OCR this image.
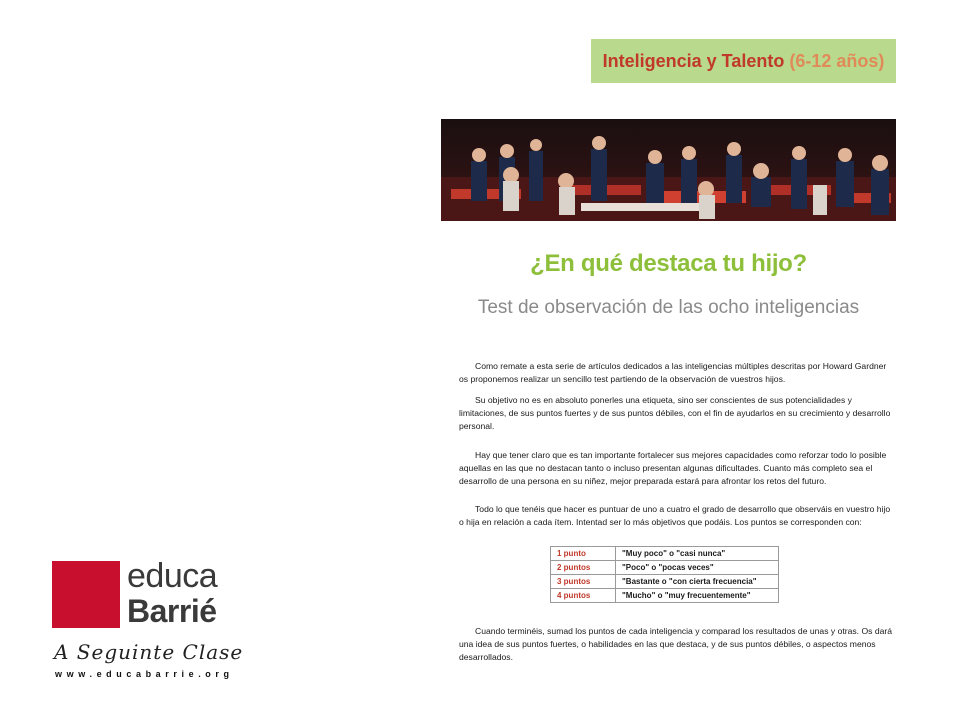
educa
Barrié
A Seguinte Clase
www.educabarrie.org
Inteligencia y Talento (6-12 años)
¿En qué destaca tu hijo?
Test de observación de las ocho inteligencias

Como remate a esta serie de artículos dedicados a las inteligencias múltiples descritas por Howard Gardner os proponemos realizar un sencillo test partiendo de la observación de vuestros hijos.

Su objetivo no es en absoluto ponerles una etiqueta, sino ser conscientes de sus potencialidades y limitaciones, de sus puntos fuertes y de sus puntos débiles, con el fin de ayudarlos en su crecimiento y desarrollo personal.

Hay que tener claro que es tan importante fortalecer sus mejores capacidades como reforzar todo lo posible aquellas en las que no destacan tanto o incluso presentan algunas dificultades. Cuanto más completo sea el desarrollo de una persona en su niñez, mejor preparada estará para afrontar los retos del futuro.

Todo lo que tenéis que hacer es puntuar de uno a cuatro el grado de desarrollo que observáis en vuestro hijo o hija en relación a cada ítem. Intentad ser lo más objetivos que podáis. Los puntos se corresponden con:

1 punto	"Muy poco" o "casi nunca"
2 puntos	"Poco" o "pocas veces"
3 puntos	"Bastante o "con cierta frecuencia"
4 puntos	"Mucho" o "muy frecuentemente"

Cuando terminéis, sumad los puntos de cada inteligencia y comparad los resultados de unas y otras. Os dará una idea de sus puntos fuertes, o habilidades en las que destaca, y de sus puntos débiles, o aspectos menos desarrollados.
